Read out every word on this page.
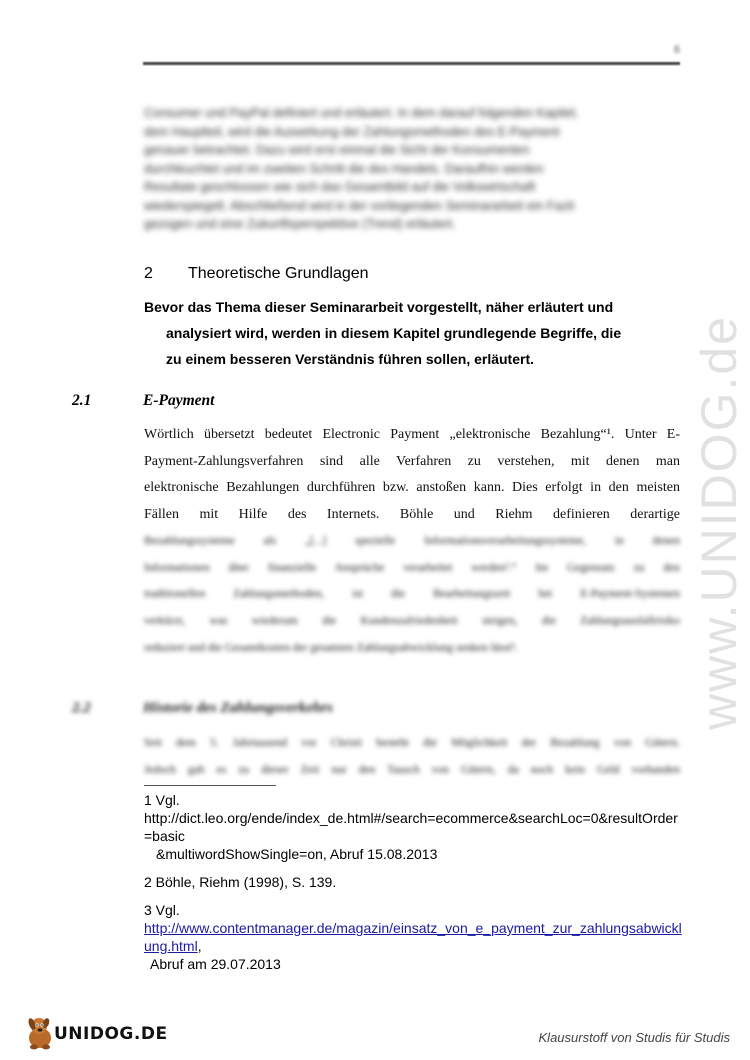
6
Consumer und PayPal definiert und erläutert. In dem darauf folgenden Kapitel,
dem Hauptteil, wird die Auswirkung der Zahlungsmethoden des E-Payment
genauer betrachtet. Dazu wird erst einmal die Sicht der Konsumenten
durchleuchtet und im zweiten Schritt die des Handels. Daraufhin werden
Resultate geschlossen wie sich das Gesamtbild auf die Volkswirtschaft
wiederspiegelt. Abschließend wird in der vorliegenden Seminararbeit ein Fazit
gezogen und eine Zukunftsperspektive (Trend) erläutert.
2 Theoretische Grundlagen
Bevor das Thema dieser Seminararbeit vorgestellt, näher erläutert und
analysiert wird, werden in diesem Kapitel grundlegende Begriffe, die
zu einem besseren Verständnis führen sollen, erläutert.
2.1	E-Payment
Wörtlich übersetzt bedeutet Electronic Payment „elektronische Bezahlung“¹. Unter E-
Payment-Zahlungsverfahren sind alle Verfahren zu verstehen, mit denen man
elektronische Bezahlungen durchführen bzw. anstoßen kann. Dies erfolgt in den meisten
Fällen mit Hilfe des Internets. Böhle und Riehm definieren derartige
Bezahlungssysteme als „[...] spezielle Informationsverarbeitungssysteme, in denen
Informationen über finanzielle Ansprüche verarbeitet werden².“ Im Gegensatz zu den
traditionellen Zahlungsmethoden, ist die Bearbeitungszeit bei E-Payment-Systemen
verkürzt, was wiederum die Kundenzufriedenheit steigen, die Zahlungsausfallrisiko
reduziert und die Gesamtkosten der gesamten Zahlungsabwicklung senken lässt³.
2.2	Historie des Zahlungsverkehrs
Seit dem 5. Jahrtausend vor Christi besteht die Möglichkeit der Bezahlung von Gütern.
Jedoch gab es zu dieser Zeit nur den Tausch von Gütern, da noch kein Geld vorhanden
1 Vgl.
http://dict.leo.org/ende/index_de.html#/search=ecommerce&searchLoc=0&resultOrder=basic
&multiwordShowSingle=on, Abruf 15.08.2013
2 Böhle, Riehm (1998), S. 139.
3 Vgl.
http://www.contentmanager.de/magazin/einsatz_von_e_payment_zur_zahlungsabwicklung.html,
Abruf am 29.07.2013
www.UNIDOG.de
UNIDOG.DE	Klausurstoff von Studis für Studis
